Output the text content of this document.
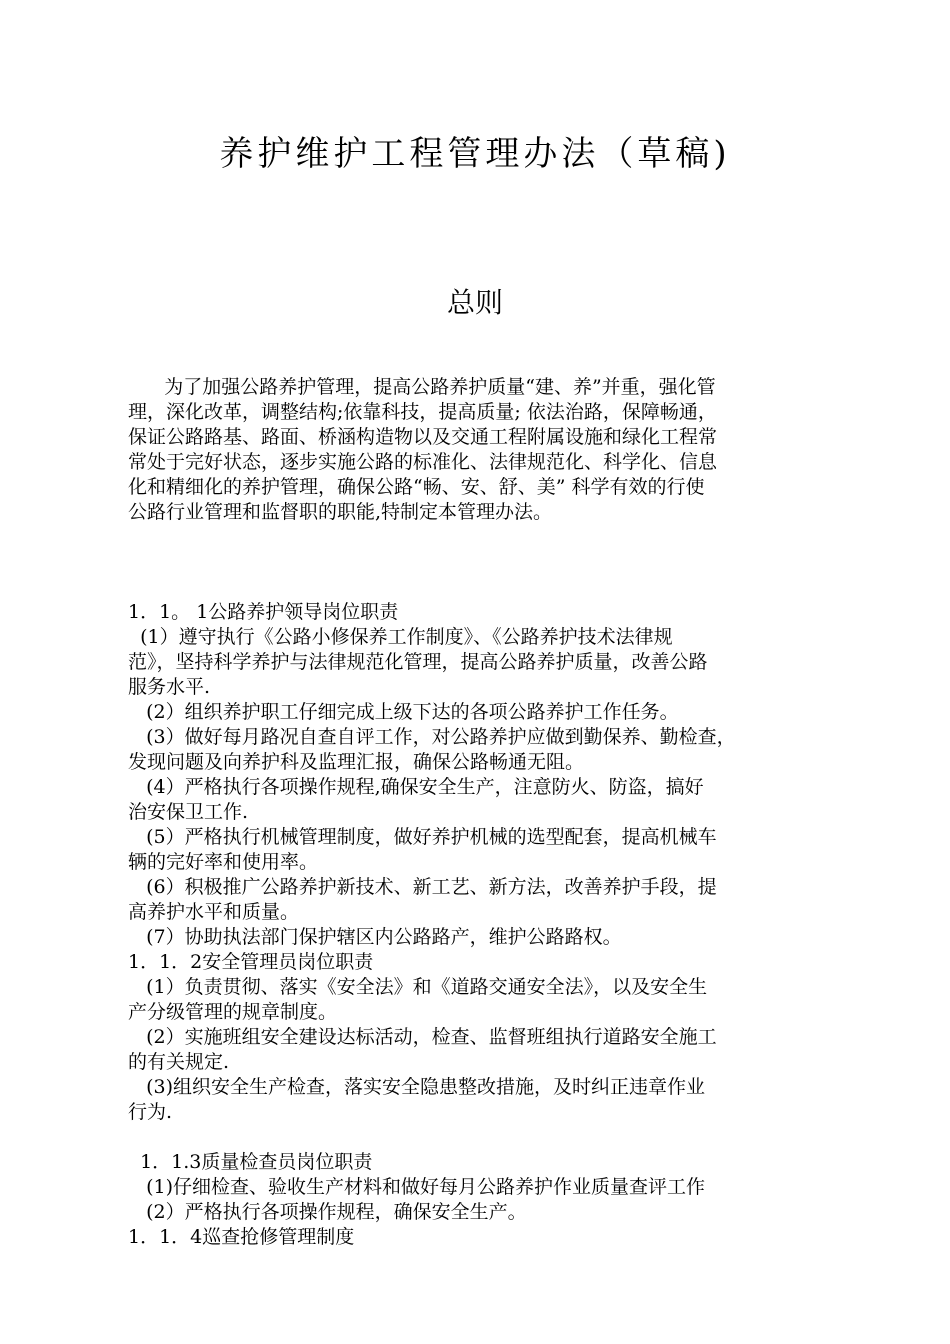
养护维护工程管理办法（草稿)
总则
为了加强公路养护管理，提高公路养护质量“建、养”并重，强化管
理，深化改革，调整结构;依靠科技，提高质量; 依法治路，保障畅通，
保证公路路基、路面、桥涵构造物以及交通工程附属设施和绿化工程常
常处于完好状态，逐步实施公路的标准化、法律规范化、科学化、信息
化和精细化的养护管理，确保公路“畅、安、舒、美” 科学有效的行使
公路行业管理和监督职的职能,特制定本管理办法。
1．1。 1公路养护领导岗位职责
(1）遵守执行《公路小修保养工作制度》、《公路养护技术法律规
范》，坚持科学养护与法律规范化管理，提高公路养护质量，改善公路
服务水平.
(2）组织养护职工仔细完成上级下达的各项公路养护工作任务。
(3）做好每月路况自查自评工作，对公路养护应做到勤保养、勤检查，
发现问题及向养护科及监理汇报，确保公路畅通无阻。
(4）严格执行各项操作规程,确保安全生产，注意防火、防盗，搞好
治安保卫工作.
(5）严格执行机械管理制度，做好养护机械的选型配套，提高机械车
辆的完好率和使用率。
(6）积极推广公路养护新技术、新工艺、新方法，改善养护手段，提
高养护水平和质量。
(7）协助执法部门保护辖区内公路路产，维护公路路权。
1．1．2安全管理员岗位职责
(1）负责贯彻、落实《安全法》和《道路交通安全法》，以及安全生
产分级管理的规章制度。
(2）实施班组安全建设达标活动，检查、监督班组执行道路安全施工
的有关规定.
(3)组织安全生产检查，落实安全隐患整改措施，及时纠正违章作业
行为.
1．1.3质量检查员岗位职责
(1)仔细检查、验收生产材料和做好每月公路养护作业质量查评工作
(2）严格执行各项操作规程，确保安全生产。
1．1．4巡查抢修管理制度
